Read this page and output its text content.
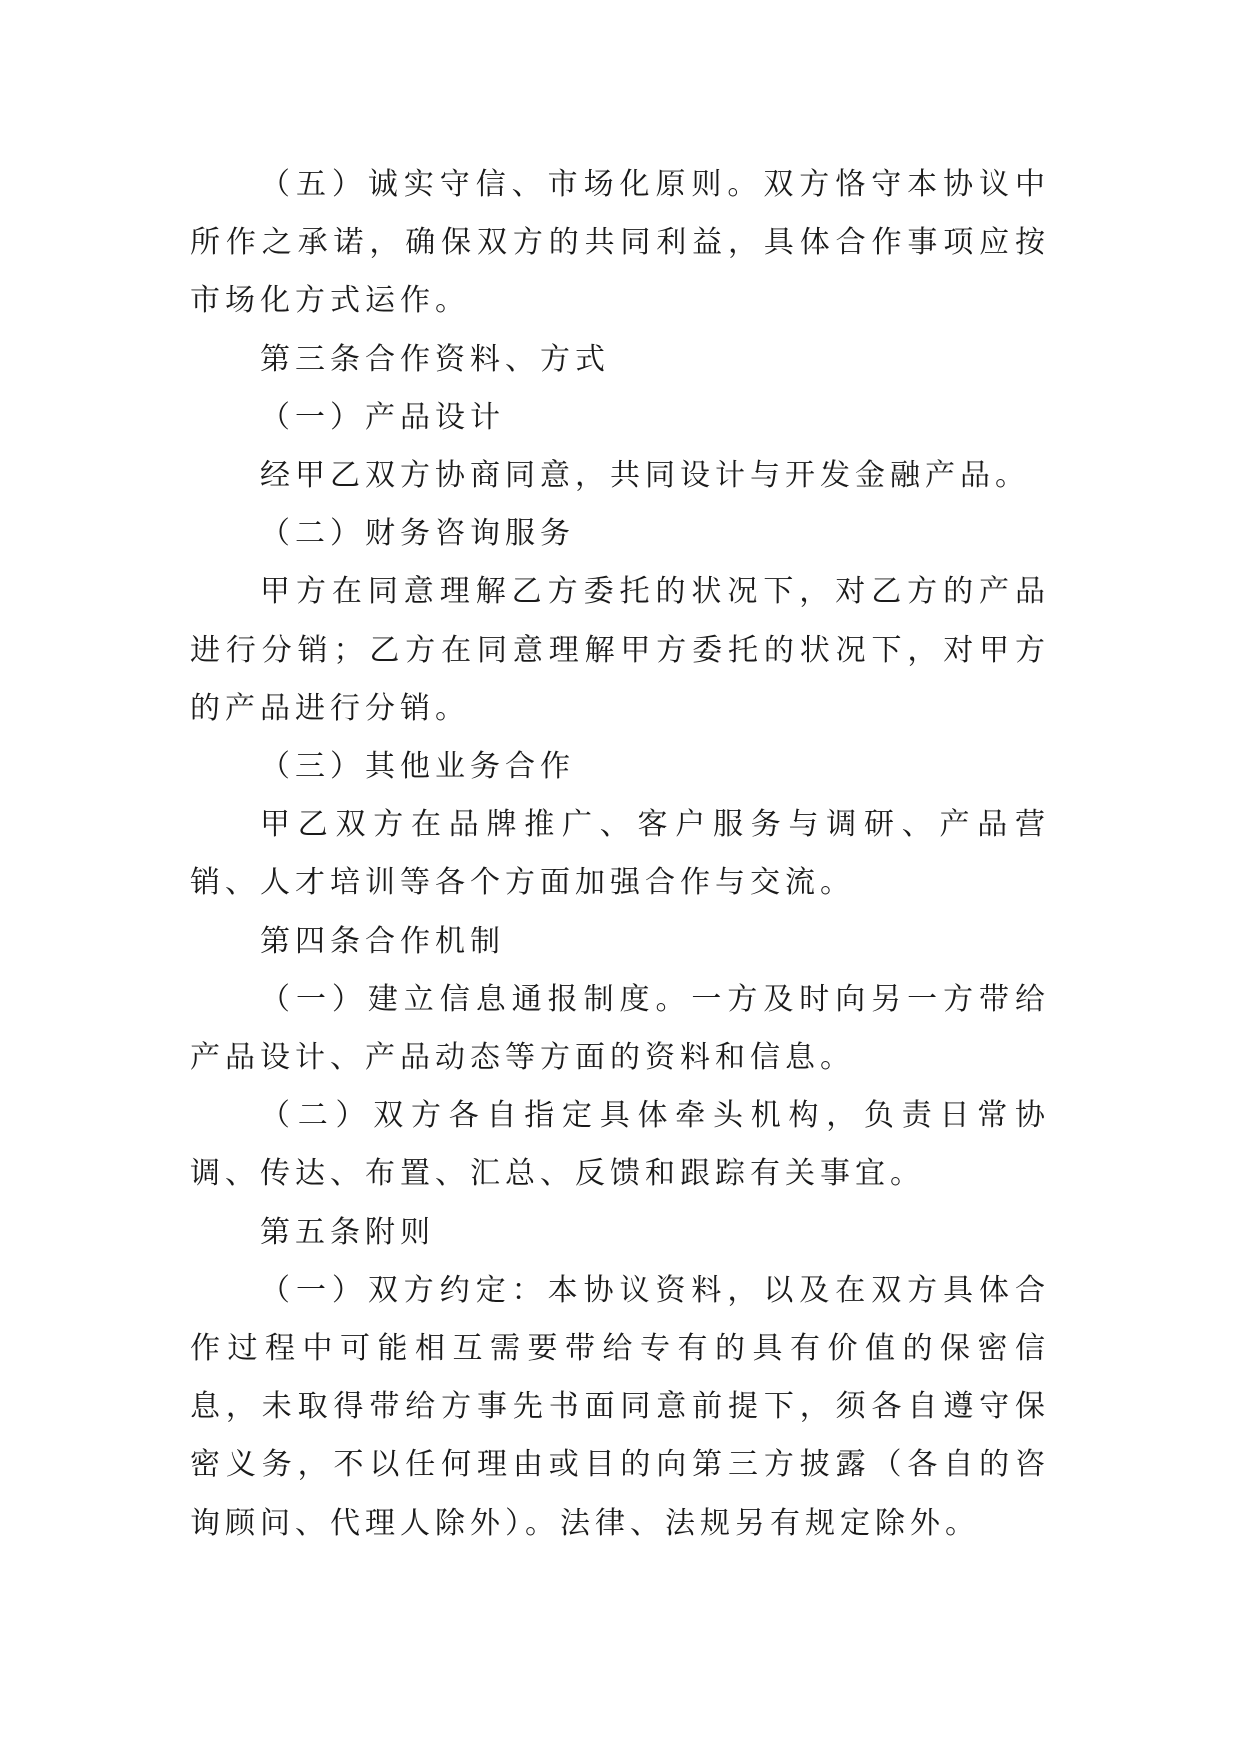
（五）诚实守信、市场化原则。双方恪守本协议中所作之承诺，确保双方的共同利益，具体合作事项应按市场化方式运作。

第三条合作资料、方式

（一）产品设计

经甲乙双方协商同意，共同设计与开发金融产品。

（二）财务咨询服务

甲方在同意理解乙方委托的状况下，对乙方的产品进行分销；乙方在同意理解甲方委托的状况下，对甲方的产品进行分销。

（三）其他业务合作

甲乙双方在品牌推广、客户服务与调研、产品营销、人才培训等各个方面加强合作与交流。

第四条合作机制

（一）建立信息通报制度。一方及时向另一方带给产品设计、产品动态等方面的资料和信息。

（二）双方各自指定具体牵头机构，负责日常协调、传达、布置、汇总、反馈和跟踪有关事宜。

第五条附则

（一）双方约定：本协议资料，以及在双方具体合作过程中可能相互需要带给专有的具有价值的保密信息，未取得带给方事先书面同意前提下，须各自遵守保密义务，不以任何理由或目的向第三方披露（各自的咨询顾问、代理人除外）。法律、法规另有规定除外。
